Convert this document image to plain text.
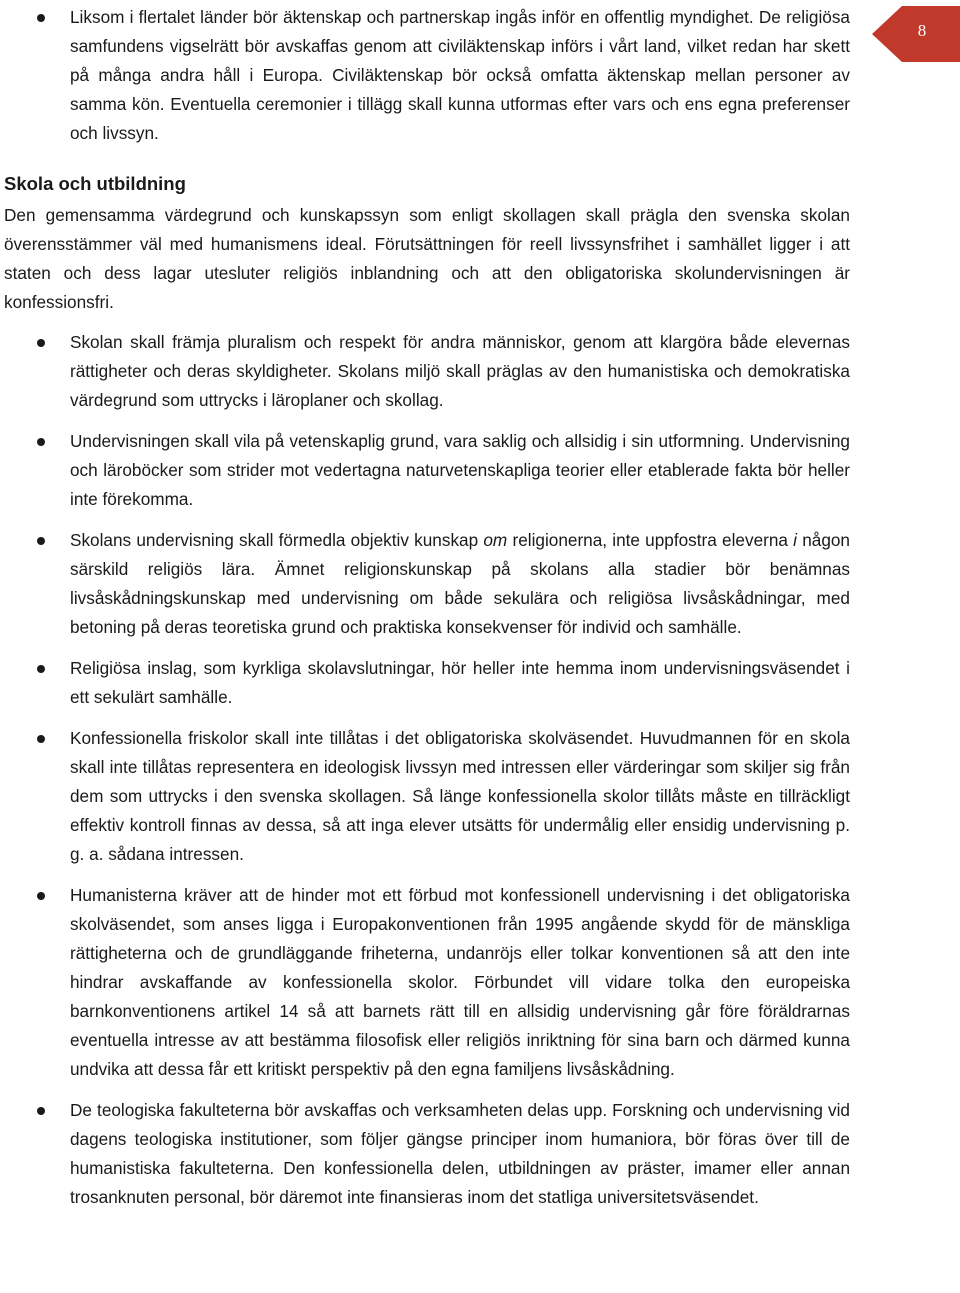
8
Liksom i flertalet länder bör äktenskap och partnerskap ingås inför en offentlig myndighet. De religiösa samfundens vigselrätt bör avskaffas genom att civiläktenskap införs i vårt land, vilket redan har skett på många andra håll i Europa. Civiläktenskap bör också omfatta äktenskap mellan personer av samma kön. Eventuella ceremonier i tillägg skall kunna utformas efter vars och ens egna preferenser och livssyn.
Skola och utbildning

Den gemensamma värdegrund och kunskapssyn som enligt skollagen skall prägla den svenska skolan överensstämmer väl med humanismens ideal. Förutsättningen för reell livssynsfrihet i samhället ligger i att staten och dess lagar utesluter religiös inblandning och att den obligatoriska skolundervisningen är konfessionsfri.

Skolan skall främja pluralism och respekt för andra människor, genom att klargöra både elevernas rättigheter och deras skyldigheter. Skolans miljö skall präglas av den humanistiska och demokratiska värdegrund som uttrycks i läroplaner och skollag.
Undervisningen skall vila på vetenskaplig grund, vara saklig och allsidig i sin utformning. Undervisning och läroböcker som strider mot vedertagna naturvetenskapliga teorier eller etablerade fakta bör heller inte förekomma.
Skolans undervisning skall förmedla objektiv kunskap om religionerna, inte uppfostra eleverna i någon särskild religiös lära. Ämnet religionskunskap på skolans alla stadier bör benämnas livsåskådningskunskap med undervisning om både sekulära och religiösa livsåskådningar, med betoning på deras teoretiska grund och praktiska konsekvenser för individ och samhälle.
Religiösa inslag, som kyrkliga skolavslutningar, hör heller inte hemma inom undervisningsväsendet i ett sekulärt samhälle.
Konfessionella friskolor skall inte tillåtas i det obligatoriska skolväsendet. Huvudmannen för en skola skall inte tillåtas representera en ideologisk livssyn med intressen eller värderingar som skiljer sig från dem som uttrycks i den svenska skollagen. Så länge konfessionella skolor tillåts måste en tillräckligt effektiv kontroll finnas av dessa, så att inga elever utsätts för undermålig eller ensidig undervisning p. g. a. sådana intressen.
Humanisterna kräver att de hinder mot ett förbud mot konfessionell undervisning i det obligatoriska skolväsendet, som anses ligga i Europakonventionen från 1995 angående skydd för de mänskliga rättigheterna och de grundläggande friheterna, undanröjs eller tolkar konventionen så att den inte hindrar avskaffande av konfessionella skolor. Förbundet vill vidare tolka den europeiska barnkonventionens artikel 14 så att barnets rätt till en allsidig undervisning går före föräldrarnas eventuella intresse av att bestämma filosofisk eller religiös inriktning för sina barn och därmed kunna undvika att dessa får ett kritiskt perspektiv på den egna familjens livsåskådning.
De teologiska fakulteterna bör avskaffas och verksamheten delas upp. Forskning och undervisning vid dagens teologiska institutioner, som följer gängse principer inom humaniora, bör föras över till de humanistiska fakulteterna. Den konfessionella delen, utbildningen av präster, imamer eller annan trosanknuten personal, bör däremot inte finansieras inom det statliga universitetsväsendet.
